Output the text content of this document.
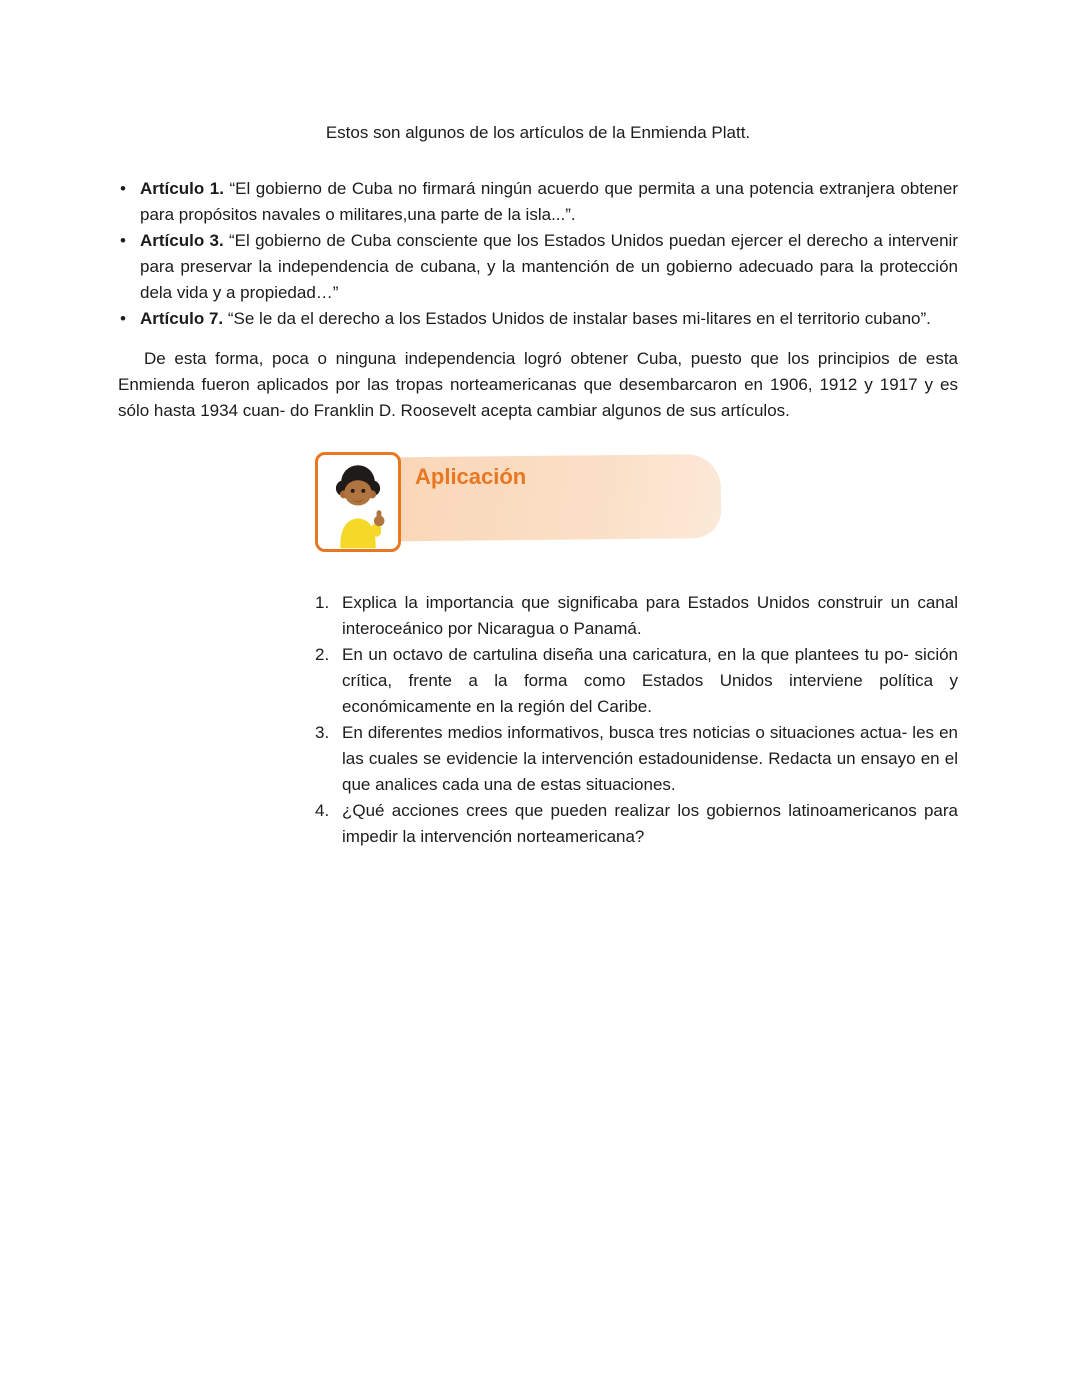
Estos son algunos de los artículos de la Enmienda Platt.

• Artículo 1. “El gobierno de Cuba no firmará ningún acuerdo que permita a una potencia extranjera obtener para propósitos navales o militares,una parte de la isla...”.
• Artículo 3. “El gobierno de Cuba consciente que los Estados Unidos puedan ejercer el derecho a intervenir para preservar la independencia de cubana, y la mantención de un gobierno adecuado para la protección dela vida y a propiedad…”
• Artículo 7. “Se le da el derecho a los Estados Unidos de instalar bases mi-litares en el territorio cubano”.

De esta forma, poca o ninguna independencia logró obtener Cuba, puesto que los principios de esta Enmienda fueron aplicados por las tropas norteamericanas que desembarcaron en 1906, 1912 y 1917 y es sólo hasta 1934 cuan- do Franklin D. Roosevelt acepta cambiar algunos de sus artículos.

Aplicación
1. Explica la importancia que significaba para Estados Unidos construir un canal interoceánico por Nicaragua o Panamá.
2. En un octavo de cartulina diseña una caricatura, en la que plantees tu po- sición crítica, frente a la forma como Estados Unidos interviene política y económicamente en la región del Caribe.
3. En diferentes medios informativos, busca tres noticias o situaciones actua- les en las cuales se evidencie la intervención estadounidense. Redacta un ensayo en el que analices cada una de estas situaciones.
4. ¿Qué acciones crees que pueden realizar los gobiernos latinoamericanos para impedir la intervención norteamericana?
